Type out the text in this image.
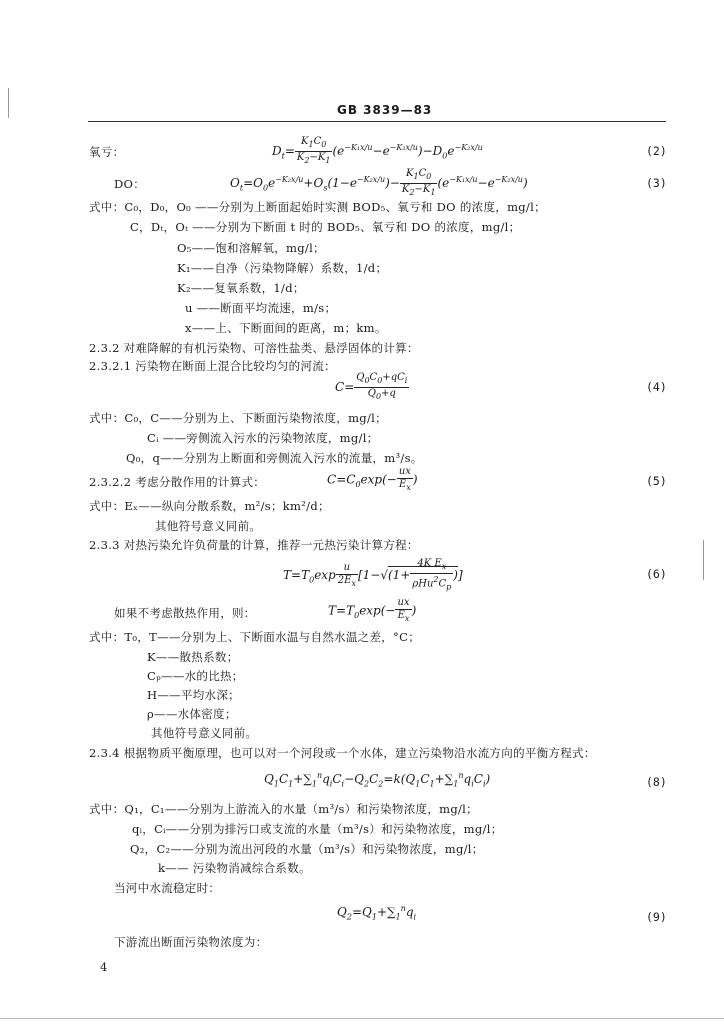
GB 3839—83
氧亏：	$D_t= \frac{K_1C_0}{K_2-K_1} (e^{-K_1x/u}-e^{-K_2x/u})-D_0e^{-K_2x/u}$	(2)
DO：	$O_t=O_0e^{-K_2x/u}+O_s(1-e^{-K_2x/u})- \frac{K_1C_0}{K_2-K_1} (e^{-K_1x/u}-e^{-K_2x/u})$	(3)
式中：C₀，D₀，O₀ ——分别为上断面起始时实测 BOD₅、氧亏和 DO 的浓度，mg/l；
C，Dₜ，Oₜ ——分别为下断面 t 时的 BOD₅、氧亏和 DO 的浓度，mg/l；
O₅——饱和溶解氧，mg/l；
K₁——自净（污染物降解）系数，1/d；
K₂——复氧系数，1/d；
u ——断面平均流速，m/s；
x——上、下断面间的距离，m；km。
2.3.2 对难降解的有机污染物、可溶性盐类、悬浮固体的计算：
2.3.2.1 污染物在断面上混合比较均匀的河流：
$C= \frac{Q_0C_0+qC_i}{Q_0+q}$	(4)
式中：C₀，C——分别为上、下断面污染物浓度，mg/l；
Cᵢ ——旁侧流入污水的污染物浓度，mg/l；
Q₀，q——分别为上断面和旁侧流入污水的流量，m³/s。
2.3.2.2 考虑分散作用的计算式：	$C=C_0\exp(- \frac{ux}{E_x}$ )	(5)
式中：Eₓ——纵向分散系数，m²/s；km²/d；
其他符号意义同前。
2.3.3 对热污染允许负荷量的计算，推荐一元热污染计算方程：
$T=T_0\exp \frac{u}{2E_x} [1-√(1+ \frac{4K E_x}{\rho Hu^2C_p}$ )]	(6)
如果不考虑散热作用，则：	$T=T_0\exp(- \frac{ux}{E_x}$ )
式中：T₀，T——分别为上、下断面水温与自然水温之差，°C；
K——散热系数；
Cₚ——水的比热；
H——平均水深；
ρ——水体密度；
其他符号意义同前。
2.3.4 根据物质平衡原理，也可以对一个河段或一个水体，建立污染物沿水流方向的平衡方程式：
$Q_1C_1+\sum_1^nq_iC_i-Q_2C_2=k(Q_1C_1+\sum_1^nq_iC_i)$	(8)
式中：Q₁，C₁——分别为上游流入的水量（m³/s）和污染物浓度，mg/l；
qᵢ，Cᵢ——分别为排污口或支流的水量（m³/s）和污染物浓度，mg/l；
Q₂，C₂——分别为流出河段的水量（m³/s）和污染物浓度，mg/l；
k—— 污染物消减综合系数。
当河中水流稳定时：
$Q_2=Q_1+\sum_1^nq_i$	(9)
下游流出断面污染物浓度为：
4
